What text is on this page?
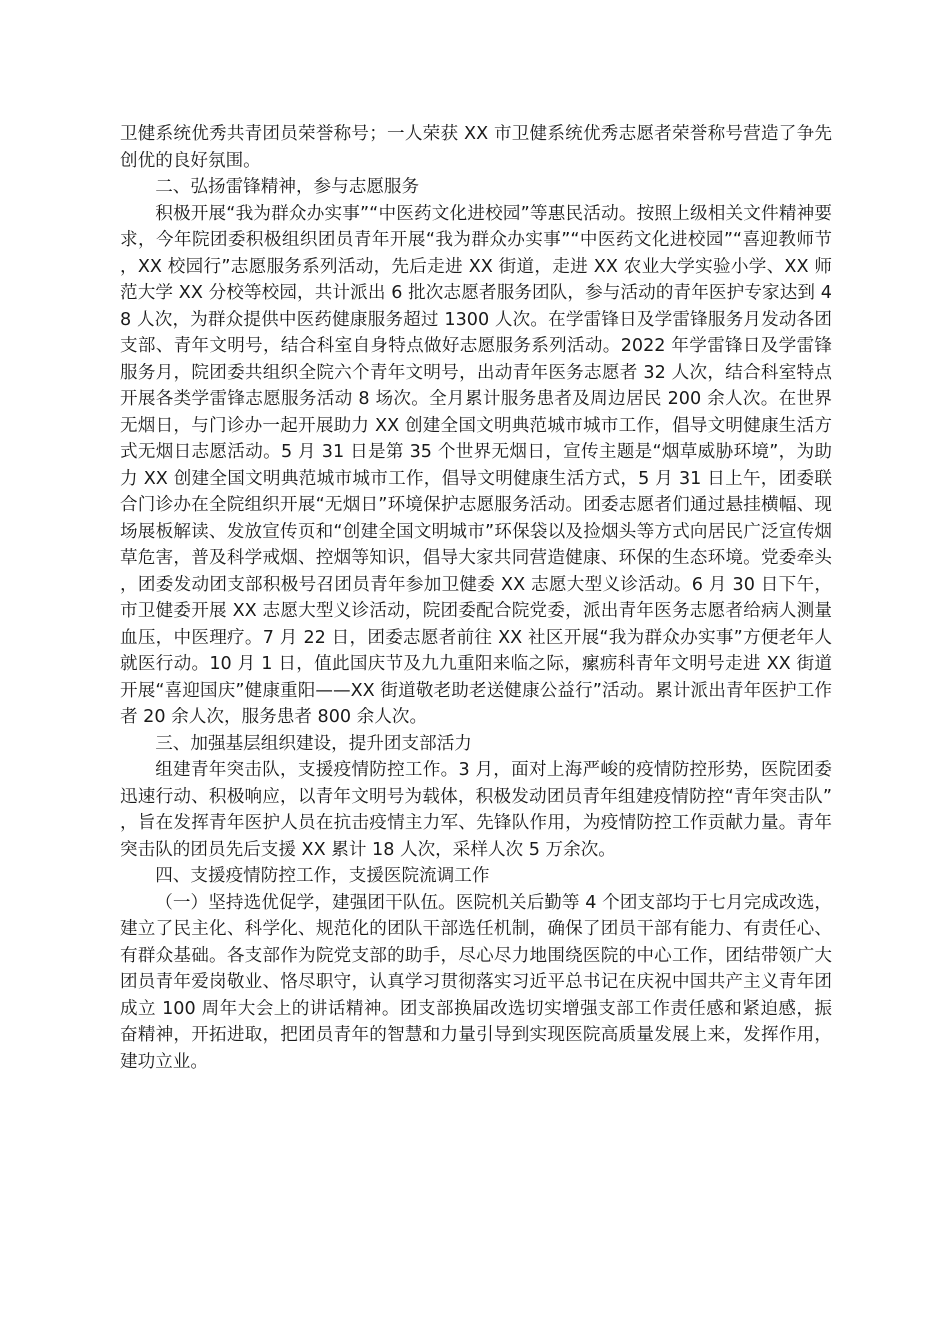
卫健系统优秀共青团员荣誉称号；一人荣获 XX 市卫健系统优秀志愿者荣誉称号营造了争先创优的良好氛围。

二、弘扬雷锋精神，参与志愿服务

积极开展“我为群众办实事”“中医药文化进校园”等惠民活动。按照上级相关文件精神要求，今年院团委积极组织团员青年开展“我为群众办实事”“中医药文化进校园”“喜迎教师节，XX 校园行”志愿服务系列活动，先后走进 XX 街道，走进 XX 农业大学实验小学、XX 师范大学 XX 分校等校园，共计派出 6 批次志愿者服务团队，参与活动的青年医护专家达到 48 人次，为群众提供中医药健康服务超过 1300 人次。在学雷锋日及学雷锋服务月发动各团支部、青年文明号，结合科室自身特点做好志愿服务系列活动。2022 年学雷锋日及学雷锋服务月，院团委共组织全院六个青年文明号，出动青年医务志愿者 32 人次，结合科室特点开展各类学雷锋志愿服务活动 8 场次。全月累计服务患者及周边居民 200 余人次。在世界无烟日，与门诊办一起开展助力 XX 创建全国文明典范城市城市工作，倡导文明健康生活方式无烟日志愿活动。5 月 31 日是第 35 个世界无烟日，宣传主题是“烟草威胁环境”，为助力 XX 创建全国文明典范城市城市工作，倡导文明健康生活方式，5 月 31 日上午，团委联合门诊办在全院组织开展“无烟日”环境保护志愿服务活动。团委志愿者们通过悬挂横幅、现场展板解读、发放宣传页和“创建全国文明城市”环保袋以及捡烟头等方式向居民广泛宣传烟草危害，普及科学戒烟、控烟等知识，倡导大家共同营造健康、环保的生态环境。党委牵头，团委发动团支部积极号召团员青年参加卫健委 XX 志愿大型义诊活动。6 月 30 日下午，市卫健委开展 XX 志愿大型义诊活动，院团委配合院党委，派出青年医务志愿者给病人测量血压，中医理疗。7 月 22 日，团委志愿者前往 XX 社区开展“我为群众办实事”方便老年人就医行动。10 月 1 日，值此国庆节及九九重阳来临之际，瘰疬科青年文明号走进 XX 街道开展“喜迎国庆”健康重阳——XX 街道敬老助老送健康公益行”活动。累计派出青年医护工作者 20 余人次，服务患者 800 余人次。

三、加强基层组织建设，提升团支部活力

组建青年突击队，支援疫情防控工作。3 月，面对上海严峻的疫情防控形势，医院团委迅速行动、积极响应，以青年文明号为载体，积极发动团员青年组建疫情防控“青年突击队”，旨在发挥青年医护人员在抗击疫情主力军、先锋队作用，为疫情防控工作贡献力量。青年突击队的团员先后支援 XX 累计 18 人次，采样人次 5 万余次。

四、支援疫情防控工作，支援医院流调工作

（一）坚持选优促学，建强团干队伍。医院机关后勤等 4 个团支部均于七月完成改选，建立了民主化、科学化、规范化的团队干部选任机制，确保了团员干部有能力、有责任心、有群众基础。各支部作为院党支部的助手，尽心尽力地围绕医院的中心工作，团结带领广大团员青年爱岗敬业、恪尽职守，认真学习贯彻落实习近平总书记在庆祝中国共产主义青年团成立 100 周年大会上的讲话精神。团支部换届改选切实增强支部工作责任感和紧迫感，振奋精神，开拓进取，把团员青年的智慧和力量引导到实现医院高质量发展上来，发挥作用，建功立业。
